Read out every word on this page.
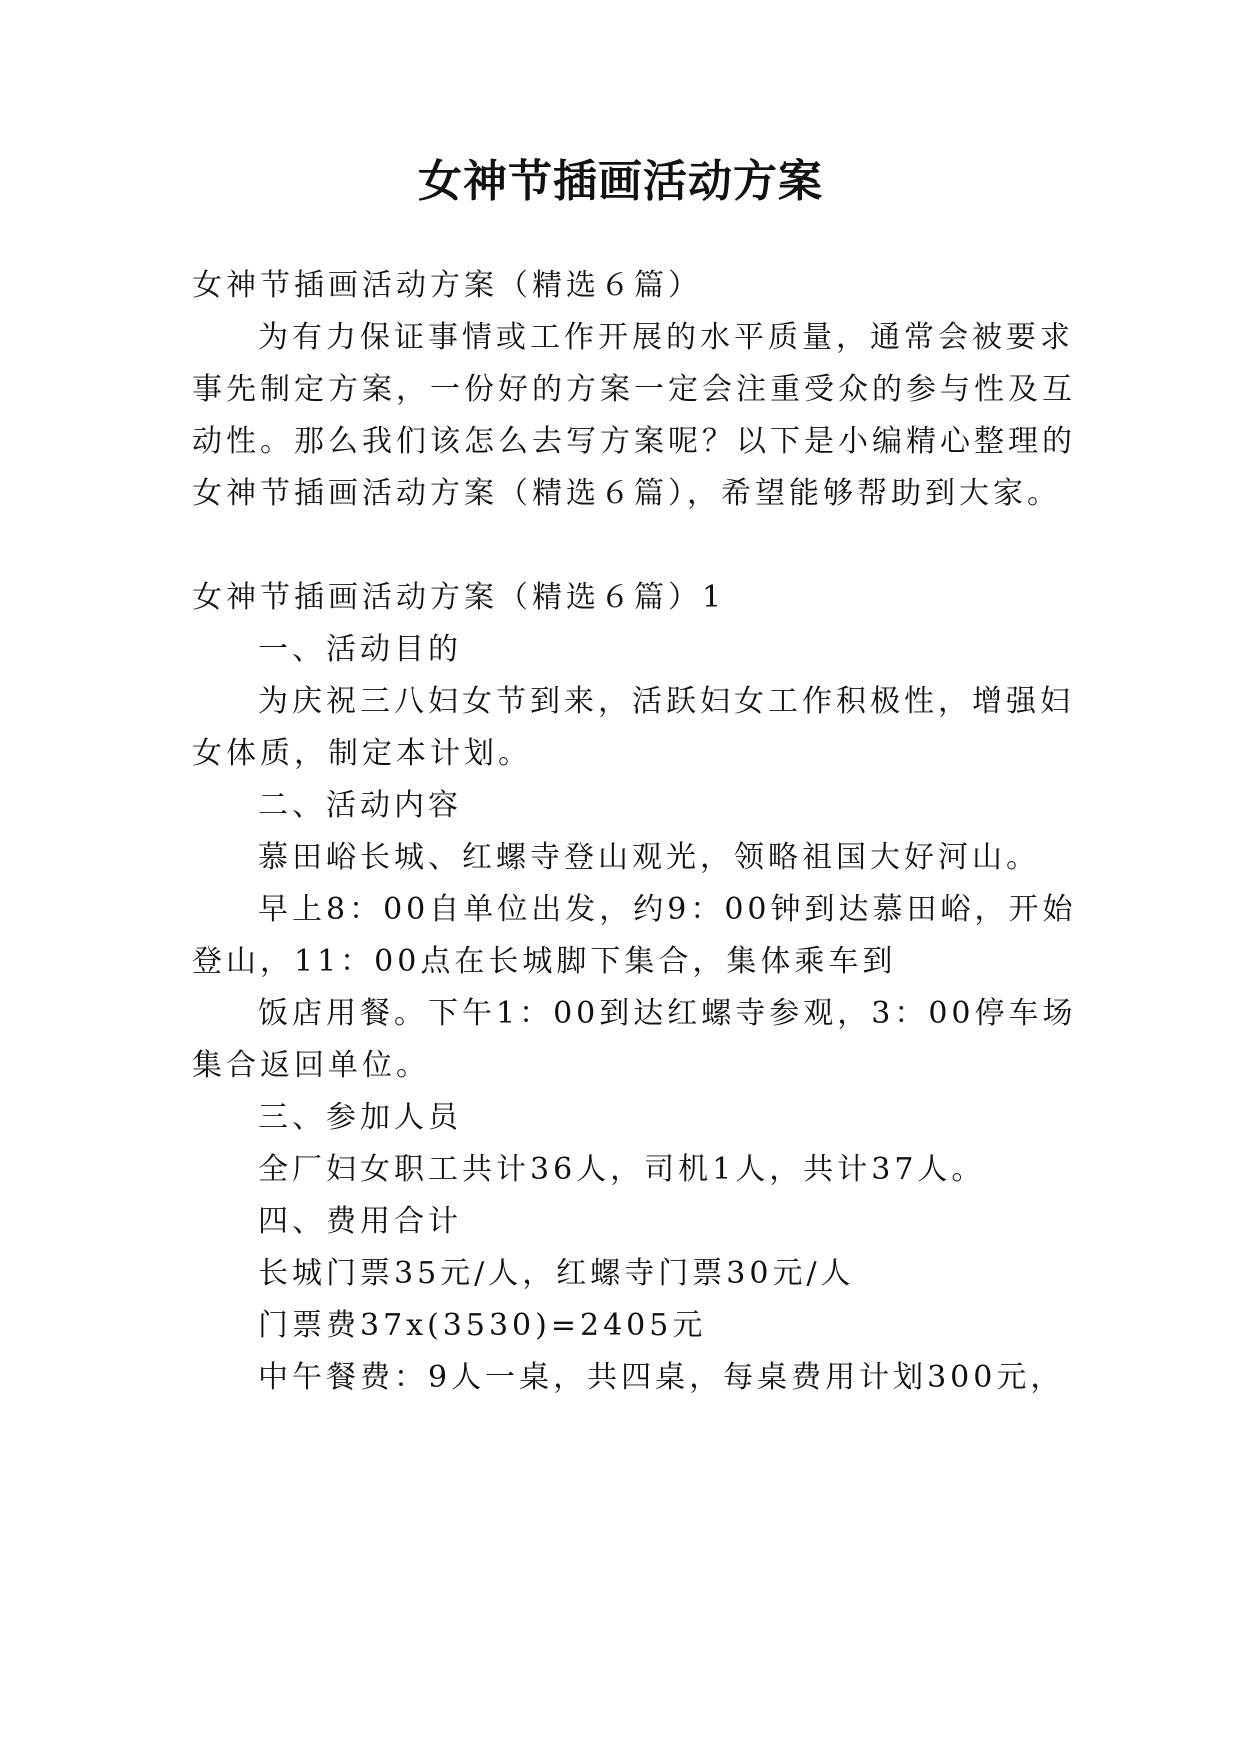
女神节插画活动方案

女神节插画活动方案（精选６篇）

为有力保证事情或工作开展的水平质量，通常会被要求

事先制定方案，一份好的方案一定会注重受众的参与性及互

动性。那么我们该怎么去写方案呢？以下是小编精心整理的

女神节插画活动方案（精选６篇），希望能够帮助到大家。

女神节插画活动方案（精选６篇）1

一、活动目的

为庆祝三八妇女节到来，活跃妇女工作积极性，增强妇

女体质，制定本计划。

二、活动内容

慕田峪长城、红螺寺登山观光，领略祖国大好河山。

早上8：00自单位出发，约9：00钟到达慕田峪，开始

登山，11：00点在长城脚下集合，集体乘车到

饭店用餐。下午1：00到达红螺寺参观，3：00停车场

集合返回单位。

三、参加人员

全厂妇女职工共计36人，司机1人，共计37人。

四、费用合计

长城门票35元/人，红螺寺门票30元/人

门票费37x(3530)=2405元

中午餐费：9人一桌，共四桌，每桌费用计划300元，
